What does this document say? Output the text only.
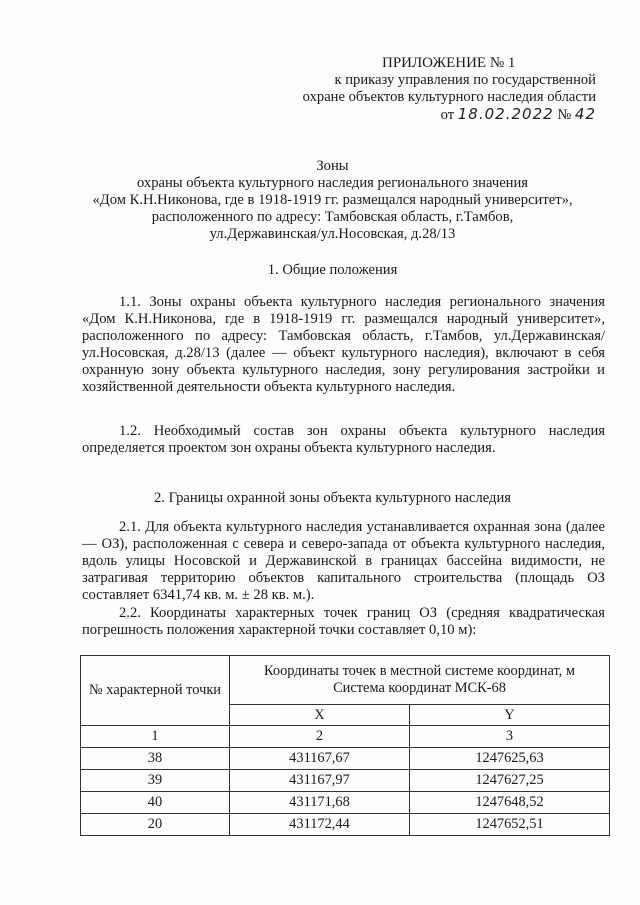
ПРИЛОЖЕНИЕ № 1
к приказу управления по государственной
охране объектов культурного наследия области
от 18.02.2022 № 42
Зоны
охраны объекта культурного наследия регионального значения
«Дом К.Н.Никонова, где в 1918-1919 гг. размещался народный университет»,
расположенного по адресу: Тамбовская область, г.Тамбов,
ул.Державинская/ул.Носовская, д.28/13
1. Общие положения
1.1. Зоны охраны объекта культурного наследия регионального значения «Дом К.Н.Никонова, где в 1918-1919 гг. размещался народный университет», расположенного по адресу: Тамбовская область, г.Тамбов, ул.Державинская/ул.Носовская, д.28/13 (далее — объект культурного наследия), включают в себя охранную зону объекта культурного наследия, зону регулирования застройки и хозяйственной деятельности объекта культурного наследия.
1.2. Необходимый состав зон охраны объекта культурного наследия определяется проектом зон охраны объекта культурного наследия.
2. Границы охранной зоны объекта культурного наследия
2.1. Для объекта культурного наследия устанавливается охранная зона (далее — ОЗ), расположенная с севера и северо-запада от объекта культурного наследия, вдоль улицы Носовской и Державинской в границах бассейна видимости, не затрагивая территорию объектов капитального строительства (площадь ОЗ составляет 6341,74 кв. м. ± 28 кв. м.).
2.2. Координаты характерных точек границ ОЗ (средняя квадратическая погрешность положения характерной точки составляет 0,10 м):
№ характерной точки	Координаты точек в местной системе координат, м
Система координат МСК-68	

	X	Y
1	2	3
38	431167,67	1247625,63
39	431167,97	1247627,25
40	431171,68	1247648,52
20	431172,44	1247652,51
